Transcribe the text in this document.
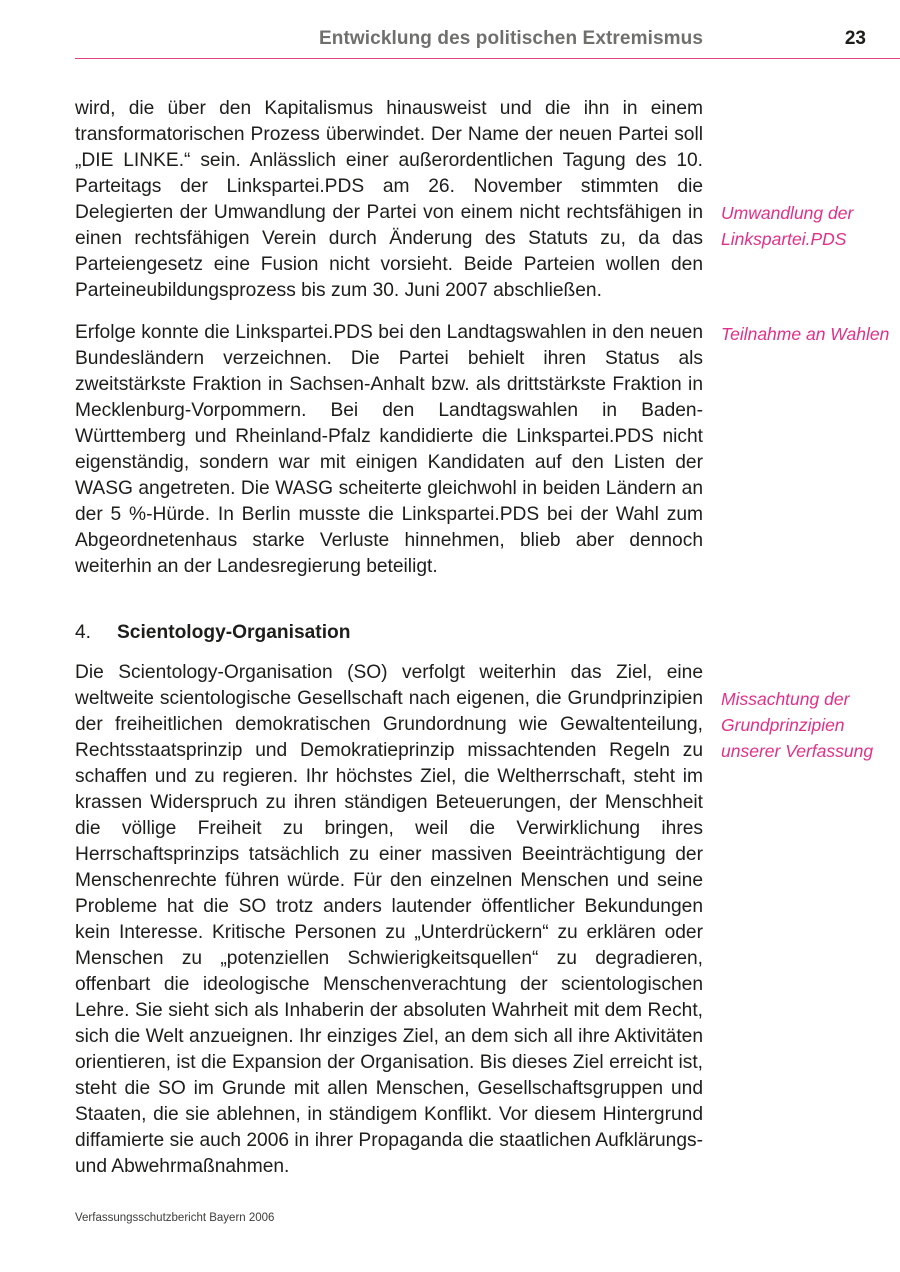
Entwicklung des politischen Extremismus	23

wird, die über den Kapitalismus hinausweist und die ihn in einem transformatorischen Prozess überwindet. Der Name der neuen Partei soll „DIE LINKE.“ sein. Anlässlich einer außerordentlichen Tagung des 10. Parteitags der Linkspartei.PDS am 26. November stimmten die Delegierten der Umwandlung der Partei von einem nicht rechtsfähigen in einen rechtsfähigen Verein durch Änderung des Statuts zu, da das Parteiengesetz eine Fusion nicht vorsieht. Beide Parteien wollen den Parteineubildungsprozess bis zum 30. Juni 2007 abschließen.

Erfolge konnte die Linkspartei.PDS bei den Landtagswahlen in den neuen Bundesländern verzeichnen. Die Partei behielt ihren Status als zweitstärkste Fraktion in Sachsen-Anhalt bzw. als drittstärkste Fraktion in Mecklenburg-Vorpommern. Bei den Landtagswahlen in Baden-Württemberg und Rheinland-Pfalz kandidierte die Linkspartei.PDS nicht eigenständig, sondern war mit einigen Kandidaten auf den Listen der WASG angetreten. Die WASG scheiterte gleichwohl in beiden Ländern an der 5 %-Hürde. In Berlin musste die Linkspartei.PDS bei der Wahl zum Abgeordnetenhaus starke Verluste hinnehmen, blieb aber dennoch weiterhin an der Landesregierung beteiligt.

4. Scientology-Organisation

Die Scientology-Organisation (SO) verfolgt weiterhin das Ziel, eine weltweite scientologische Gesellschaft nach eigenen, die Grundprinzipien der freiheitlichen demokratischen Grundordnung wie Gewaltenteilung, Rechtsstaatsprinzip und Demokratieprinzip missachtenden Regeln zu schaffen und zu regieren. Ihr höchstes Ziel, die Weltherrschaft, steht im krassen Widerspruch zu ihren ständigen Beteuerungen, der Menschheit die völlige Freiheit zu bringen, weil die Verwirklichung ihres Herrschaftsprinzips tatsächlich zu einer massiven Beeinträchtigung der Menschenrechte führen würde. Für den einzelnen Menschen und seine Probleme hat die SO trotz anders lautender öffentlicher Bekundungen kein Interesse. Kritische Personen zu „Unterdrückern“ zu erklären oder Menschen zu „potenziellen Schwierigkeitsquellen“ zu degradieren, offenbart die ideologische Menschenverachtung der scientologischen Lehre. Sie sieht sich als Inhaberin der absoluten Wahrheit mit dem Recht, sich die Welt anzueignen. Ihr einziges Ziel, an dem sich all ihre Aktivitäten orientieren, ist die Expansion der Organisation. Bis dieses Ziel erreicht ist, steht die SO im Grunde mit allen Menschen, Gesellschaftsgruppen und Staaten, die sie ablehnen, in ständigem Konflikt. Vor diesem Hintergrund diffamierte sie auch 2006 in ihrer Propaganda die staatlichen Aufklärungs- und Abwehrmaßnahmen.

Umwandlung der Linkspartei.PDS

Teilnahme an Wahlen

Missachtung der Grundprinzipien unserer Verfassung

Verfassungsschutzbericht Bayern 2006
